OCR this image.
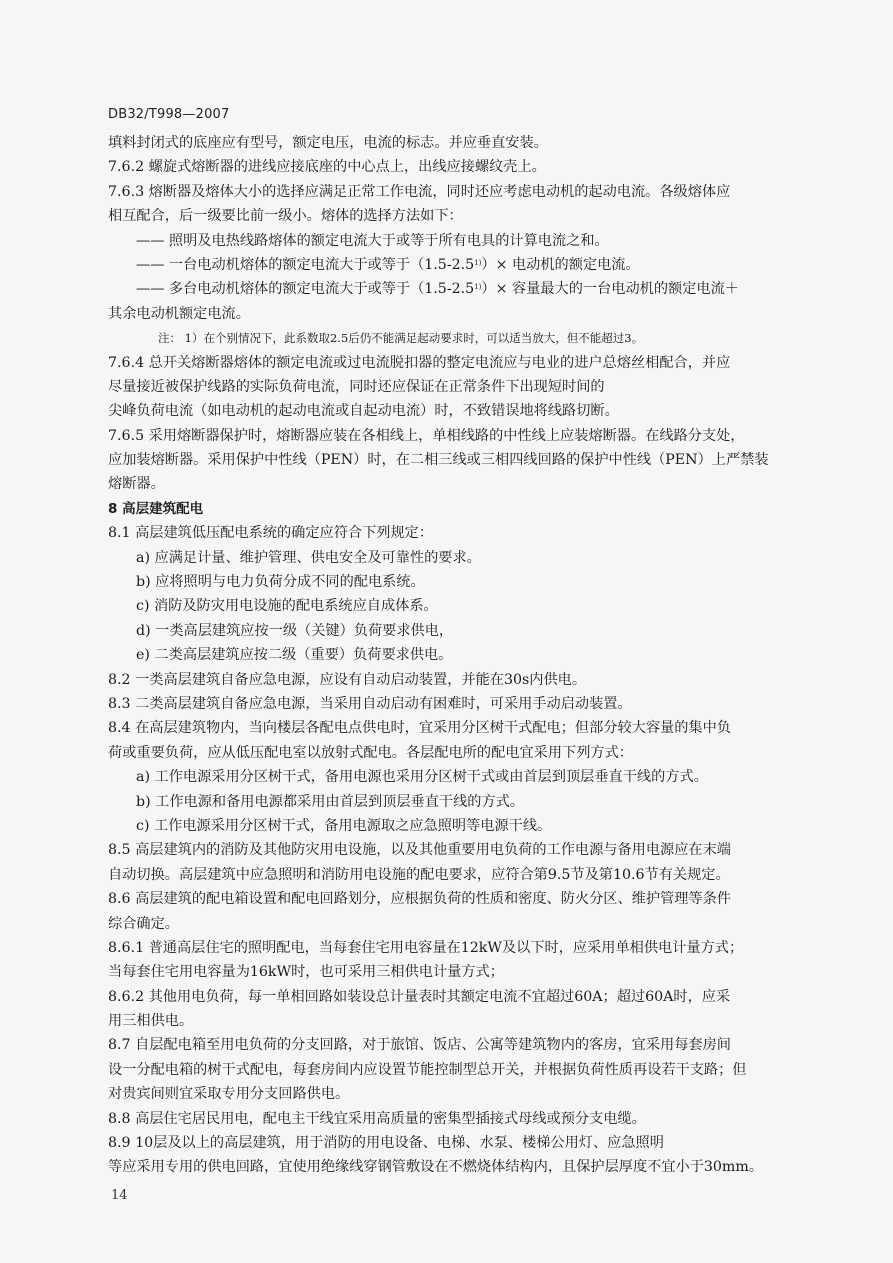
DB32/T998—2007
填料封闭式的底座应有型号，额定电压，电流的标志。并应垂直安装。
7.6.2 螺旋式熔断器的进线应接底座的中心点上，出线应接螺纹壳上。
7.6.3 熔断器及熔体大小的选择应满足正常工作电流，同时还应考虑电动机的起动电流。各级熔体应
相互配合，后一级要比前一级小。熔体的选择方法如下：
—— 照明及电热线路熔体的额定电流大于或等于所有电具的计算电流之和。
—— 一台电动机熔体的额定电流大于或等于$(1.5-2.5^{1)})\times$ 电动机的额定电流。
—— 多台电动机熔体的额定电流大于或等于$(1.5-2.5^{1)})\times$ 容量最大的一台电动机的额定电流＋
其余电动机额定电流。
注： 1）在个别情况下，此系数取2.5后仍不能满足起动要求时，可以适当放大，但不能超过3。
7.6.4 总开关熔断器熔体的额定电流或过电流脱扣器的整定电流应与电业的进户总熔丝相配合，并应
尽量接近被保护线路的实际负荷电流，同时还应保证在正常条件下出现短时间的
尖峰负荷电流（如电动机的起动电流或自起动电流）时，不致错误地将线路切断。
7.6.5 采用熔断器保护时，熔断器应装在各相线上，单相线路的中性线上应装熔断器。在线路分支处，
应加装熔断器。采用保护中性线（PEN）时，在二相三线或三相四线回路的保护中性线（PEN）上严禁装
熔断器。
8 高层建筑配电
8.1 高层建筑低压配电系统的确定应符合下列规定：
a) 应满足计量、维护管理、供电安全及可靠性的要求。
b) 应将照明与电力负荷分成不同的配电系统。
c) 消防及防灾用电设施的配电系统应自成体系。
d) 一类高层建筑应按一级（关键）负荷要求供电，
e) 二类高层建筑应按二级（重要）负荷要求供电。
8.2 一类高层建筑自备应急电源，应设有自动启动装置，并能在30s内供电。
8.3 二类高层建筑自备应急电源，当采用自动启动有困难时，可采用手动启动装置。
8.4 在高层建筑物内，当向楼层各配电点供电时，宜采用分区树干式配电；但部分较大容量的集中负
荷或重要负荷，应从低压配电室以放射式配电。各层配电所的配电宜采用下列方式：
a) 工作电源采用分区树干式，备用电源也采用分区树干式或由首层到顶层垂直干线的方式。
b) 工作电源和备用电源都采用由首层到顶层垂直干线的方式。
c) 工作电源采用分区树干式，备用电源取之应急照明等电源干线。
8.5 高层建筑内的消防及其他防灾用电设施，以及其他重要用电负荷的工作电源与备用电源应在末端
自动切换。高层建筑中应急照明和消防用电设施的配电要求，应符合第9.5节及第10.6节有关规定。
8.6 高层建筑的配电箱设置和配电回路划分，应根据负荷的性质和密度、防火分区、维护管理等条件
综合确定。
8.6.1 普通高层住宅的照明配电，当每套住宅用电容量在12kW及以下时，应采用单相供电计量方式；
当每套住宅用电容量为16kW时，也可采用三相供电计量方式；
8.6.2 其他用电负荷，每一单相回路如装设总计量表时其额定电流不宜超过60A；超过60A时，应采
用三相供电。
8.7 自层配电箱至用电负荷的分支回路，对于旅馆、饭店、公寓等建筑物内的客房，宜采用每套房间
设一分配电箱的树干式配电，每套房间内应设置节能控制型总开关，并根据负荷性质再设若干支路；但
对贵宾间则宜采取专用分支回路供电。
8.8 高层住宅居民用电，配电主干线宜采用高质量的密集型插接式母线或预分支电缆。
8.9 10层及以上的高层建筑，用于消防的用电设备、电梯、水泵、楼梯公用灯、应急照明
等应采用专用的供电回路，宜使用绝缘线穿钢管敷设在不燃烧体结构内，且保护层厚度不宜小于30mm。
14
